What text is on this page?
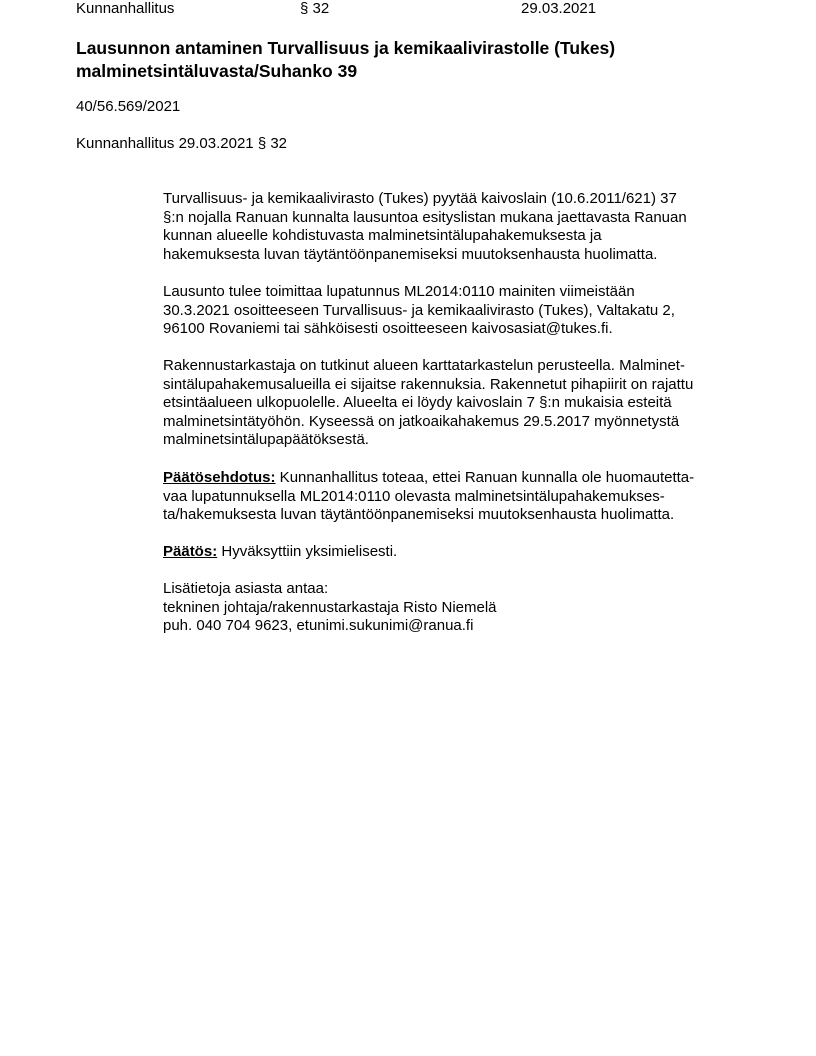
Kunnanhallitus	§ 32	29.03.2021
Lausunnon antaminen Turvallisuus ja kemikaalivirastolle (Tukes)
malminetsintäluvasta/Suhanko 39
40/56.569/2021
Kunnanhallitus 29.03.2021 § 32
Turvallisuus- ja kemikaalivirasto (Tukes) pyytää kaivoslain (10.6.2011/621) 37
§:n nojalla Ranuan kunnalta lausuntoa esityslistan mukana jaettavasta Ranuan
kunnan alueelle kohdistuvasta malminetsintälupahakemuksesta ja
hakemuksesta luvan täytäntöönpanemiseksi muutoksenhausta huolimatta.
Lausunto tulee toimittaa lupatunnus ML2014:0110 mainiten viimeistään
30.3.2021 osoitteeseen Turvallisuus- ja kemikaalivirasto (Tukes), Valtakatu 2,
96100 Rovaniemi tai sähköisesti osoitteeseen kaivosasiat@tukes.fi.
Rakennustarkastaja on tutkinut alueen karttatarkastelun perusteella. Malminet-
sintälupahakemusalueilla ei sijaitse rakennuksia. Rakennetut pihapiirit on rajattu
etsintäalueen ulkopuolelle. Alueelta ei löydy kaivoslain 7 §:n mukaisia esteitä
malminetsintätyöhön. Kyseessä on jatkoaikahakemus 29.5.2017 myönnetystä
malminetsintälupapäätöksestä.
Päätösehdotus: Kunnanhallitus toteaa, ettei Ranuan kunnalla ole huomautetta-
vaa lupatunnuksella ML2014:0110 olevasta malminetsintälupahakemukses-
ta/hakemuksesta luvan täytäntöönpanemiseksi muutoksenhausta huolimatta.
Päätös: Hyväksyttiin yksimielisesti.
Lisätietoja asiasta antaa:
tekninen johtaja/rakennustarkastaja Risto Niemelä
puh. 040 704 9623, etunimi.sukunimi@ranua.fi
